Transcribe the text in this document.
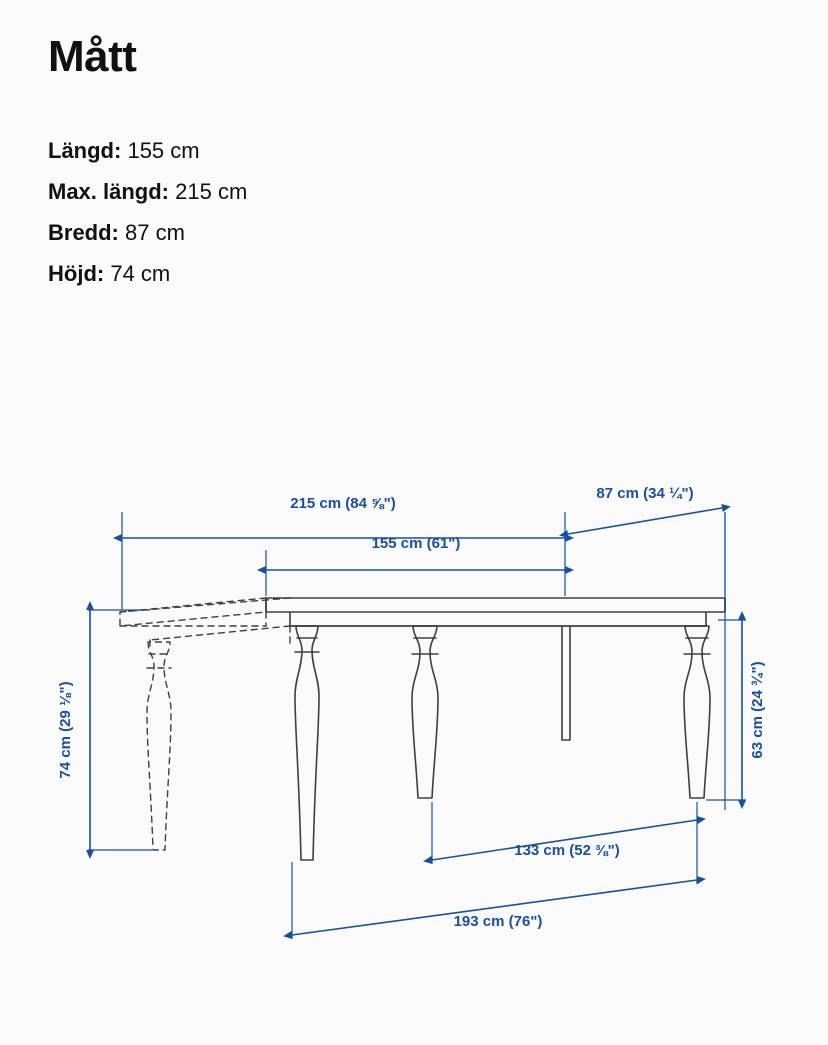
Mått
Längd: 155 cm
Max. längd: 215 cm
Bredd: 87 cm
Höjd: 74 cm
215 cm (84 ⅝")
155 cm (61")
87 cm (34 ¼")
74 cm (29 ⅛")	63 cm (24 ¾")
133 cm (52 ⅜")
193 cm (76")
